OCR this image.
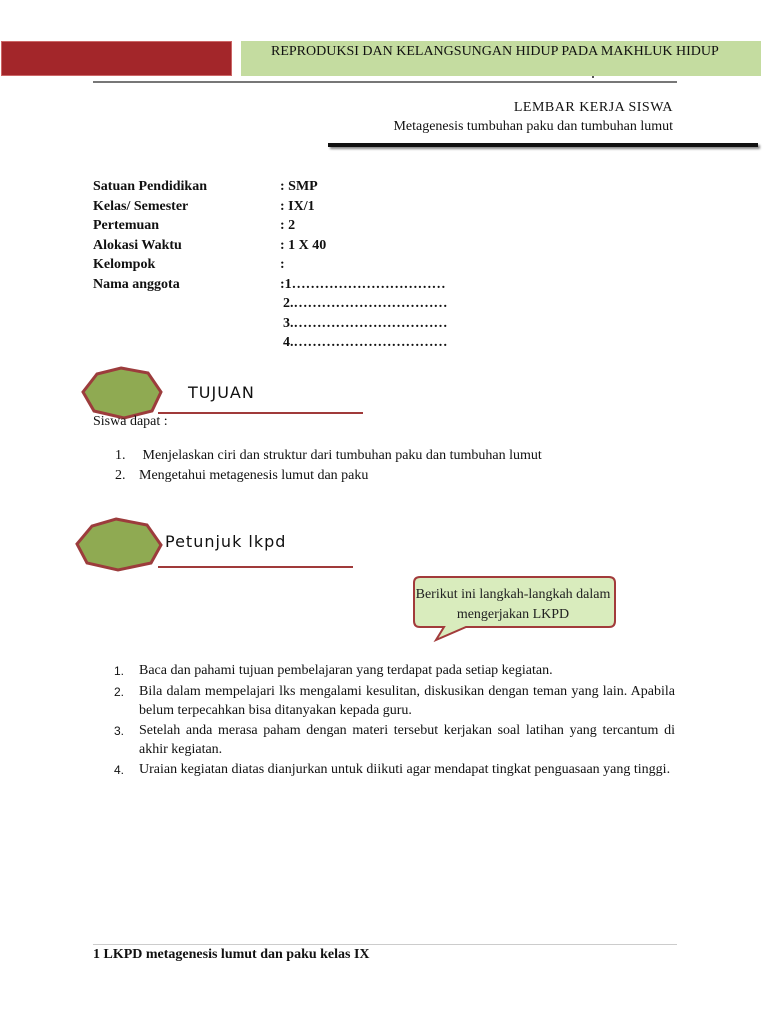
REPRODUKSI DAN KELANGSUNGAN HIDUP PADA MAKHLUK HIDUP
LEMBAR KERJA SISWA
Metagenesis tumbuhan paku dan tumbuhan lumut
Satuan Pendidikan	: SMP
Kelas/ Semester	: IX/1
Pertemuan	: 2
Alokasi Waktu	: 1 X 40
Kelompok	:
Nama anggota	:1……………………………
2.……………………………
3.……………………………
4.……………………………
TUJUAN
Siswa dapat :
1. Menjelaskan ciri dan struktur dari tumbuhan paku dan tumbuhan lumut
2. Mengetahui metagenesis lumut dan paku
Petunjuk lkpd
Berikut ini langkah-langkah dalam mengerjakan LKPD
1.	Baca dan pahami tujuan pembelajaran yang terdapat pada setiap kegiatan.
2.	Bila dalam mempelajari lks mengalami kesulitan, diskusikan dengan teman yang lain. Apabila belum terpecahkan bisa ditanyakan kepada guru.
3.	Setelah anda merasa paham dengan materi tersebut kerjakan soal latihan yang tercantum di akhir kegiatan.
4.	Uraian kegiatan diatas dianjurkan untuk diikuti agar mendapat tingkat penguasaan yang tinggi.
1 LKPD metagenesis lumut dan paku kelas IX
